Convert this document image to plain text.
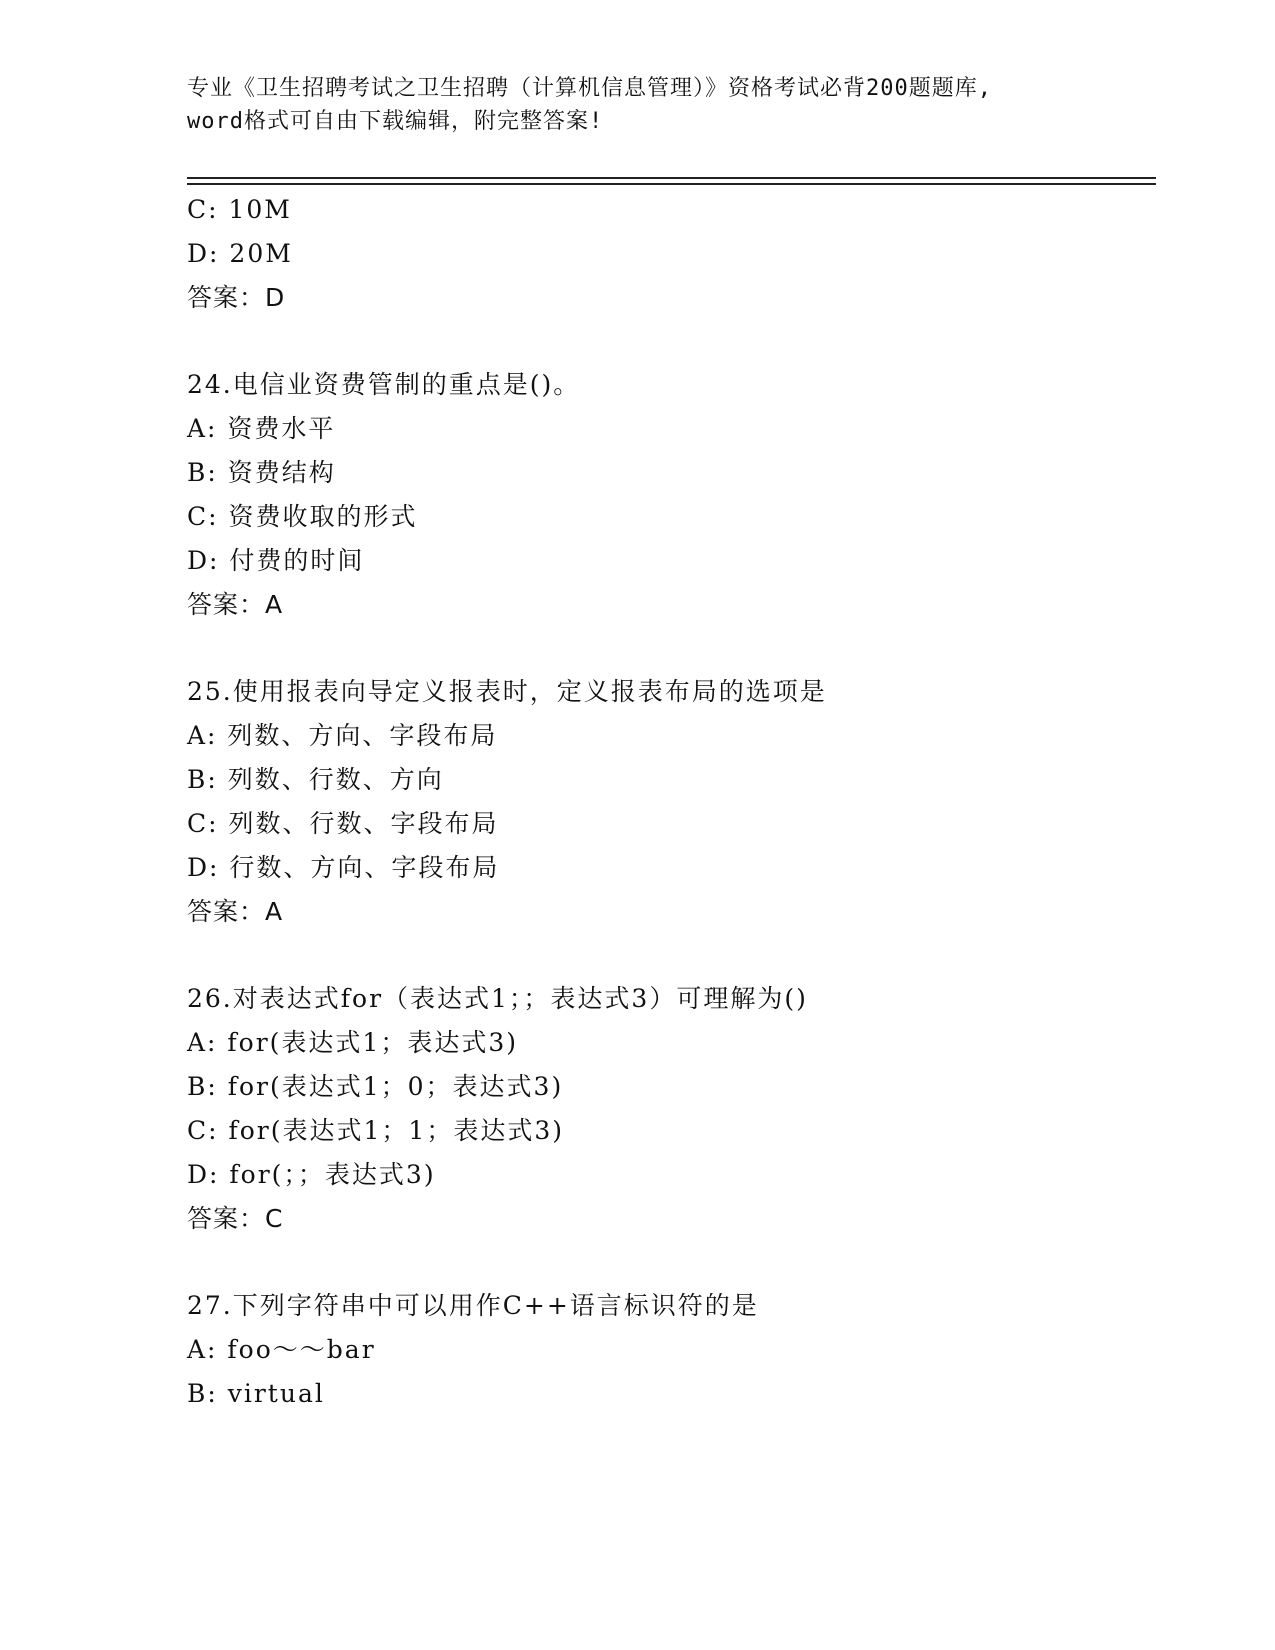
专业《卫生招聘考试之卫生招聘（计算机信息管理）》资格考试必背200题题库,
word格式可自由下载编辑，附完整答案!
C: 10M
D: 20M
答案：D
24.电信业资费管制的重点是()。
A: 资费水平
B: 资费结构
C: 资费收取的形式
D: 付费的时间
答案：A
25.使用报表向导定义报表时，定义报表布局的选项是
A: 列数、方向、字段布局
B: 列数、行数、方向
C: 列数、行数、字段布局
D: 行数、方向、字段布局
答案：A
26.对表达式for（表达式1；；表达式3）可理解为()
A: for(表达式1；表达式3)
B: for(表达式1；0；表达式3)
C: for(表达式1；1；表达式3)
D: for(；；表达式3)
答案：C
27.下列字符串中可以用作C++语言标识符的是
A: foo～～bar
B: virtual
